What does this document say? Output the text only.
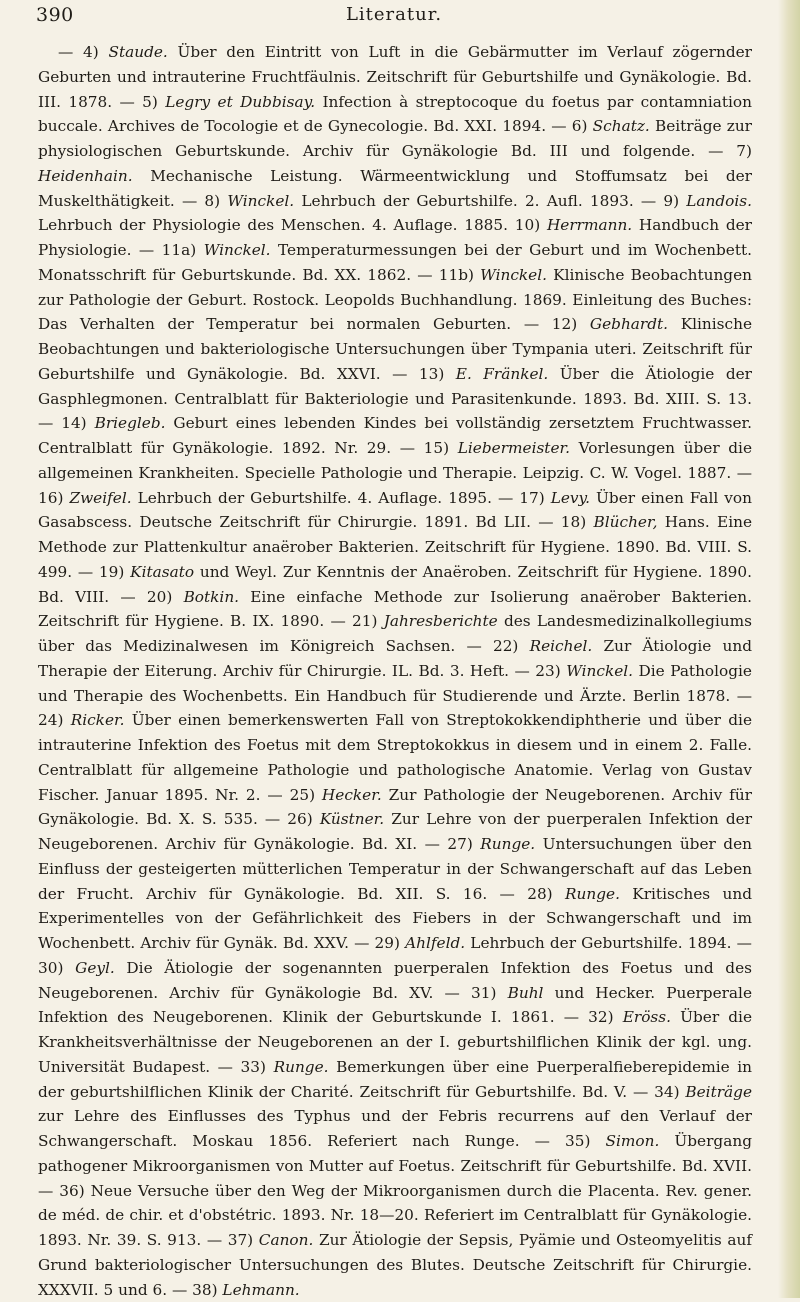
390	Literatur.

— 4) Staude. Über den Eintritt von Luft in die Gebärmutter im Verlauf zögernder Geburten und intrauterine Fruchtfäulnis. Zeitschrift für Geburtshilfe und Gynäkologie. Bd. III. 1878. — 5) Legry et Dubbisay. Infection à streptocoque du foetus par contamniation buccale. Archives de Tocologie et de Gynecologie. Bd. XXI. 1894. — 6) Schatz. Beiträge zur physiologischen Geburtskunde. Archiv für Gynäkologie Bd. III und folgende. — 7) Heidenhain. Mechanische Leistung. Wärmeentwicklung und Stoffumsatz bei der Muskelthätigkeit. — 8) Winckel. Lehrbuch der Geburtshilfe. 2. Aufl. 1893. — 9) Landois. Lehrbuch der Physiologie des Menschen. 4. Auflage. 1885. 10) Herrmann. Handbuch der Physiologie. — 11a) Winckel. Temperaturmessungen bei der Geburt und im Wochenbett. Monatsschrift für Geburtskunde. Bd. XX. 1862. — 11b) Winckel. Klinische Beobachtungen zur Pathologie der Geburt. Rostock. Leopolds Buchhandlung. 1869. Einleitung des Buches: Das Verhalten der Temperatur bei normalen Geburten. — 12) Gebhardt. Klinische Beobachtungen und bakteriologische Untersuchungen über Tympania uteri. Zeitschrift für Geburtshilfe und Gynäkologie. Bd. XXVI. — 13) E. Fränkel. Über die Ätiologie der Gasphlegmonen. Centralblatt für Bakteriologie und Parasitenkunde. 1893. Bd. XIII. S. 13. — 14) Briegleb. Geburt eines lebenden Kindes bei vollständig zersetztem Fruchtwasser. Centralblatt für Gynäkologie. 1892. Nr. 29. — 15) Liebermeister. Vorlesungen über die allgemeinen Krankheiten. Specielle Pathologie und Therapie. Leipzig. C. W. Vogel. 1887. — 16) Zweifel. Lehrbuch der Geburtshilfe. 4. Auflage. 1895. — 17) Levy. Über einen Fall von Gasabscess. Deutsche Zeitschrift für Chirurgie. 1891. Bd LII. — 18) Blücher, Hans. Eine Methode zur Plattenkultur anaërober Bakterien. Zeitschrift für Hygiene. 1890. Bd. VIII. S. 499. — 19) Kitasato und Weyl. Zur Kenntnis der Anaëroben. Zeitschrift für Hygiene. 1890. Bd. VIII. — 20) Botkin. Eine einfache Methode zur Isolierung anaërober Bakterien. Zeitschrift für Hygiene. B. IX. 1890. — 21) Jahresberichte des Landesmedizinalkollegiums über das Medizinalwesen im Königreich Sachsen. — 22) Reichel. Zur Ätiologie und Therapie der Eiterung. Archiv für Chirurgie. IL. Bd. 3. Heft. — 23) Winckel. Die Pathologie und Therapie des Wochenbetts. Ein Handbuch für Studierende und Ärzte. Berlin 1878. — 24) Ricker. Über einen bemerkenswerten Fall von Streptokokkendiphtherie und über die intrauterine Infektion des Foetus mit dem Streptokokkus in diesem und in einem 2. Falle. Centralblatt für allgemeine Pathologie und pathologische Anatomie. Verlag von Gustav Fischer. Januar 1895. Nr. 2. — 25) Hecker. Zur Pathologie der Neugeborenen. Archiv für Gynäkologie. Bd. X. S. 535. — 26) Küstner. Zur Lehre von der puerperalen Infektion der Neugeborenen. Archiv für Gynäkologie. Bd. XI. — 27) Runge. Untersuchungen über den Einfluss der gesteigerten mütterlichen Temperatur in der Schwangerschaft auf das Leben der Frucht. Archiv für Gynäkologie. Bd. XII. S. 16. — 28) Runge. Kritisches und Experimentelles von der Gefährlichkeit des Fiebers in der Schwangerschaft und im Wochenbett. Archiv für Gynäk. Bd. XXV. — 29) Ahlfeld. Lehrbuch der Geburtshilfe. 1894. — 30) Geyl. Die Ätiologie der sogenannten puerperalen Infektion des Foetus und des Neugeborenen. Archiv für Gynäkologie Bd. XV. — 31) Buhl und Hecker. Puerperale Infektion des Neugeborenen. Klinik der Geburtskunde I. 1861. — 32) Eröss. Über die Krankheitsverhältnisse der Neugeborenen an der I. geburtshilflichen Klinik der kgl. ung. Universität Budapest. — 33) Runge. Bemerkungen über eine Puerperalfieberepidemie in der geburtshilflichen Klinik der Charité. Zeitschrift für Geburtshilfe. Bd. V. — 34) Beiträge zur Lehre des Einflusses des Typhus und der Febris recurrens auf den Verlauf der Schwangerschaft. Moskau 1856. Referiert nach Runge. — 35) Simon. Übergang pathogener Mikroorganismen von Mutter auf Foetus. Zeitschrift für Geburtshilfe. Bd. XVII. — 36) Neue Versuche über den Weg der Mikroorganismen durch die Placenta. Rev. gener. de méd. de chir. et d'obstétric. 1893. Nr. 18—20. Referiert im Centralblatt für Gynäkologie. 1893. Nr. 39. S. 913. — 37) Canon. Zur Ätiologie der Sepsis, Pyämie und Osteomyelitis auf Grund bakteriologischer Untersuchungen des Blutes. Deutsche Zeitschrift für Chirurgie. XXXVII. 5 und 6. — 38) Lehmann.
